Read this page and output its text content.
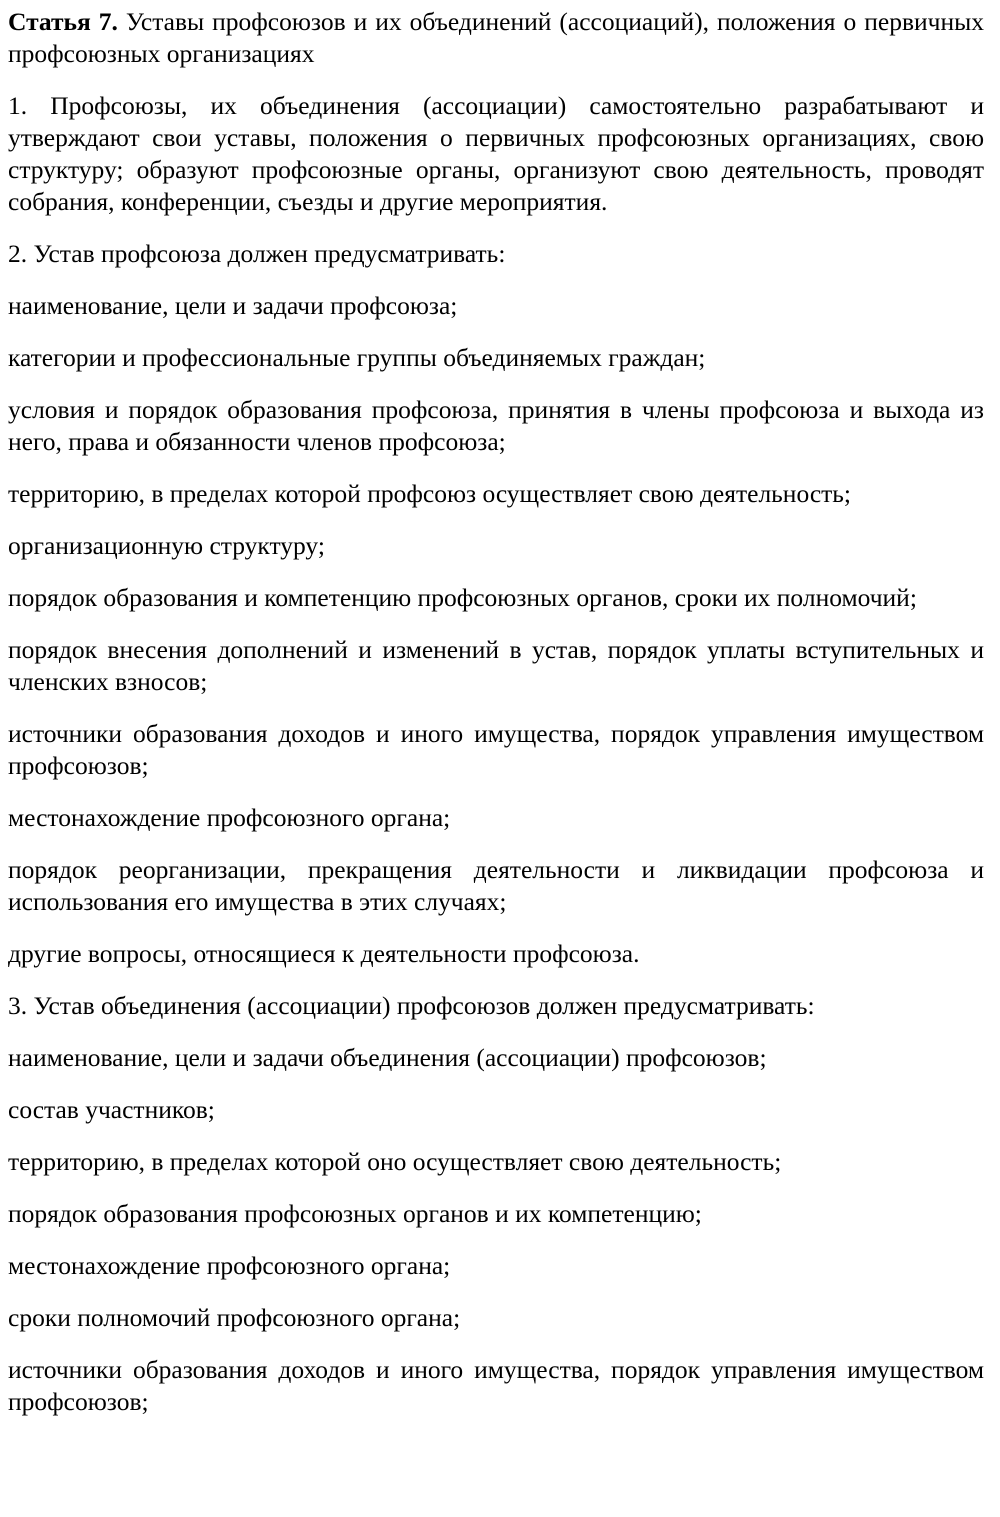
Статья 7. Уставы профсоюзов и их объединений (ассоциаций), положения о первичных профсоюзных организациях

1. Профсоюзы, их объединения (ассоциации) самостоятельно разрабатывают и утверждают свои уставы, положения о первичных профсоюзных организациях, свою структуру; образуют профсоюзные органы, организуют свою деятельность, проводят собрания, конференции, съезды и другие мероприятия.

2. Устав профсоюза должен предусматривать:

наименование, цели и задачи профсоюза;

категории и профессиональные группы объединяемых граждан;

условия и порядок образования профсоюза, принятия в члены профсоюза и выхода из него, права и обязанности членов профсоюза;

территорию, в пределах которой профсоюз осуществляет свою деятельность;

организационную структуру;

порядок образования и компетенцию профсоюзных органов, сроки их полномочий;

порядок внесения дополнений и изменений в устав, порядок уплаты вступительных и членских взносов;

источники образования доходов и иного имущества, порядок управления имуществом профсоюзов;

местонахождение профсоюзного органа;

порядок реорганизации, прекращения деятельности и ликвидации профсоюза и использования его имущества в этих случаях;

другие вопросы, относящиеся к деятельности профсоюза.

3. Устав объединения (ассоциации) профсоюзов должен предусматривать:

наименование, цели и задачи объединения (ассоциации) профсоюзов;

состав участников;

территорию, в пределах которой оно осуществляет свою деятельность;

порядок образования профсоюзных органов и их компетенцию;

местонахождение профсоюзного органа;

сроки полномочий профсоюзного органа;

источники образования доходов и иного имущества, порядок управления имуществом профсоюзов;
